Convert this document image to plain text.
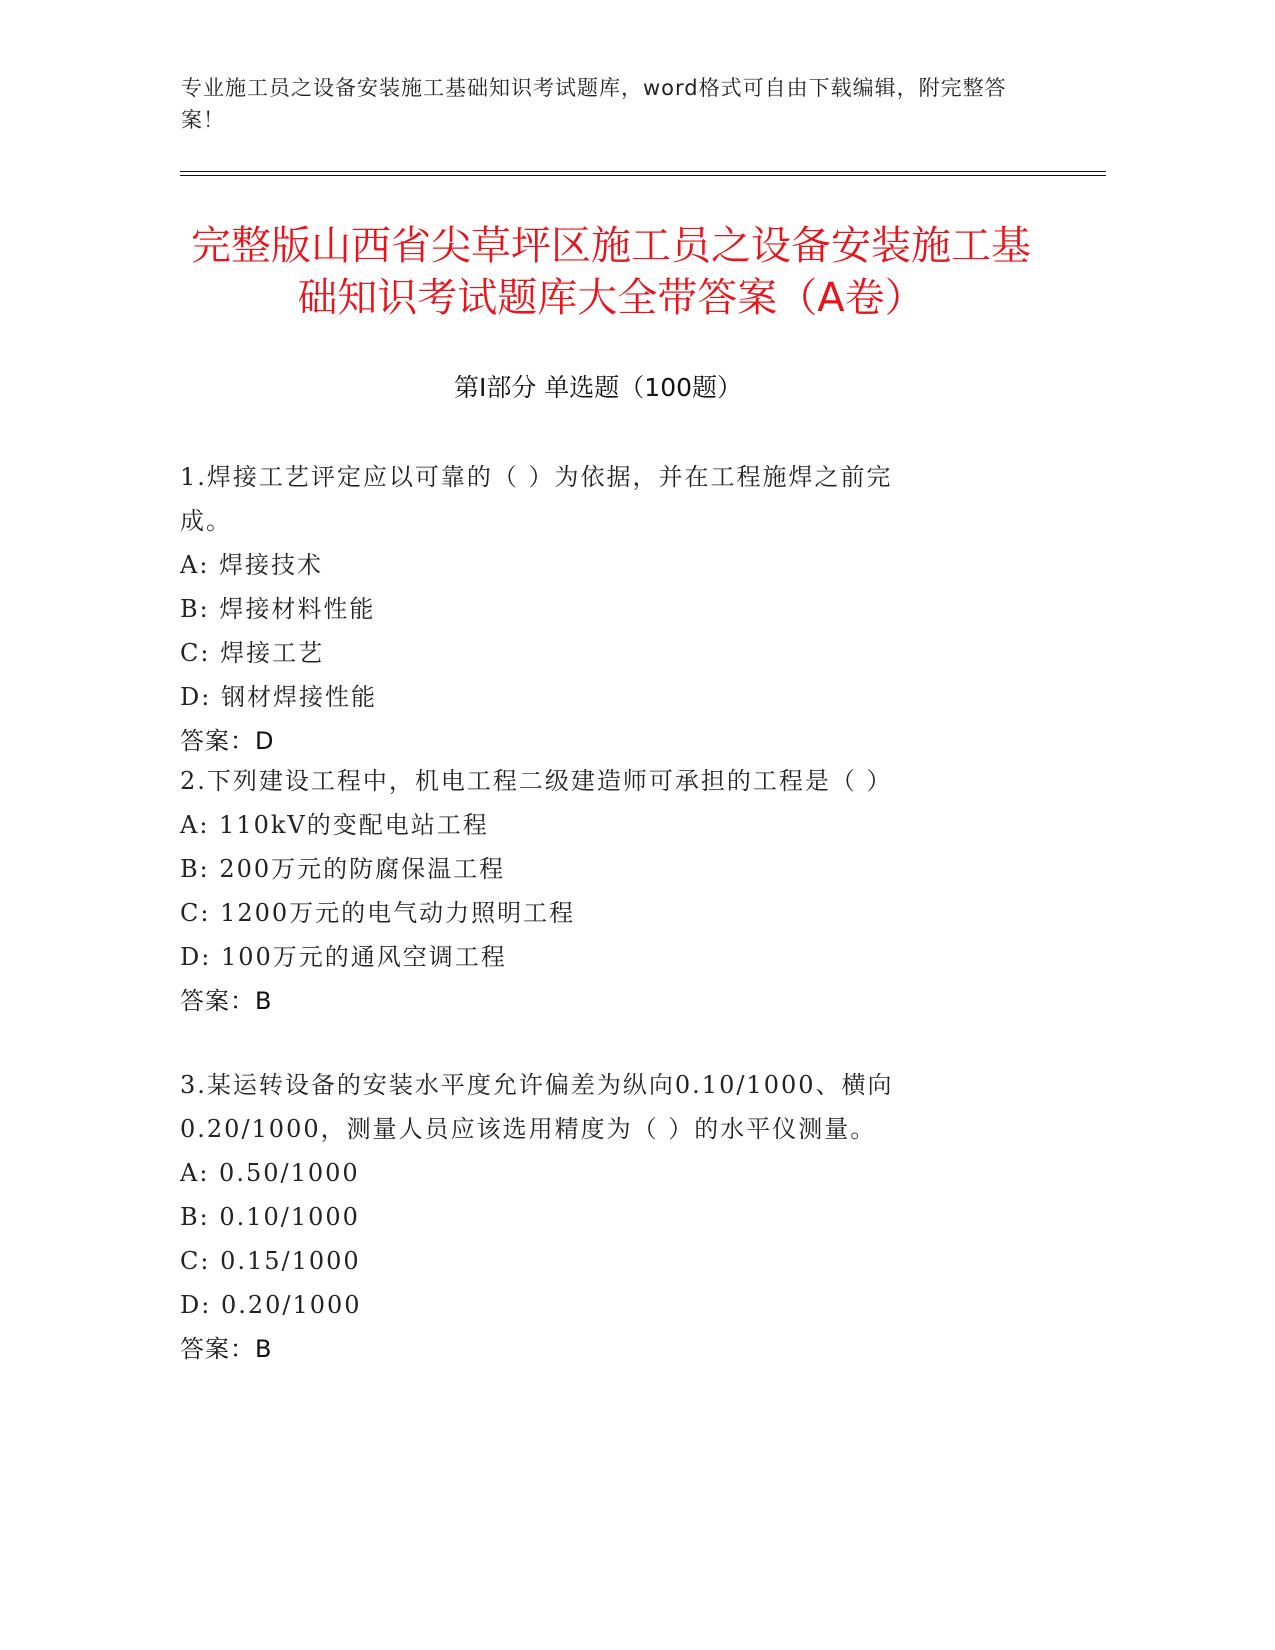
专业施工员之设备安装施工基础知识考试题库，word格式可自由下载编辑，附完整答案！
完整版山西省尖草坪区施工员之设备安装施工基础知识考试题库大全带答案（A卷）
第Ⅰ部分 单选题（100题）
1.焊接工艺评定应以可靠的（ ）为依据，并在工程施焊之前完成。
A: 焊接技术
B: 焊接材料性能
C: 焊接工艺
D: 钢材焊接性能
答案：D
2.下列建设工程中，机电工程二级建造师可承担的工程是（ ）
A: 110kV的变配电站工程
B: 200万元的防腐保温工程
C: 1200万元的电气动力照明工程
D: 100万元的通风空调工程
答案：B
3.某运转设备的安装水平度允许偏差为纵向0.10/1000、横向0.20/1000，测量人员应该选用精度为（ ）的水平仪测量。
A: 0.50/1000
B: 0.10/1000
C: 0.15/1000
D: 0.20/1000
答案：B
